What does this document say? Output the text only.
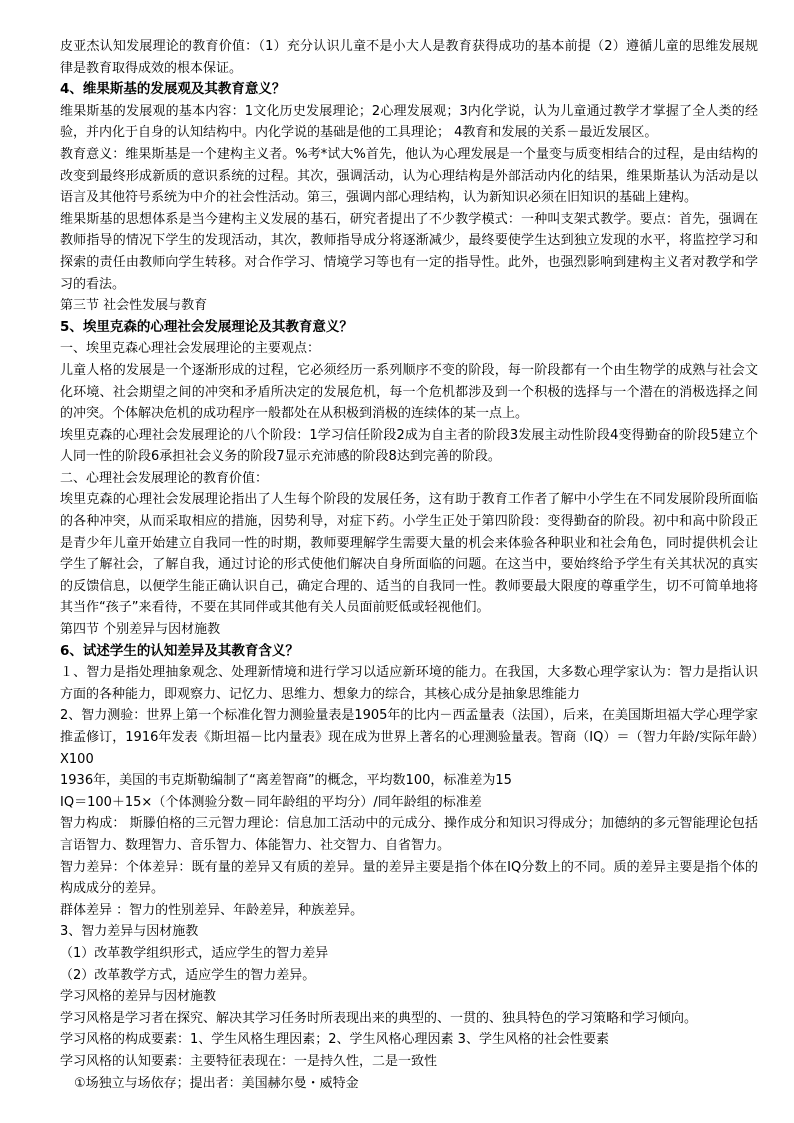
皮亚杰认知发展理论的教育价值：（1）充分认识儿童不是小大人是教育获得成功的基本前提（2）遵循儿童的思维发展规律是教育取得成效的根本保证。

4、维果斯基的发展观及其教育意义？

维果斯基的发展观的基本内容：1文化历史发展理论；2心理发展观；3内化学说，认为儿童通过教学才掌握了全人类的经验，并内化于自身的认知结构中。内化学说的基础是他的工具理论； 4教育和发展的关系－最近发展区。

教育意义：维果斯基是一个建构主义者。%考*试大%首先，他认为心理发展是一个量变与质变相结合的过程，是由结构的改变到最终形成新质的意识系统的过程。其次，强调活动，认为心理结构是外部活动内化的结果，维果斯基认为活动是以语言及其他符号系统为中介的社会性活动。第三，强调内部心理结构，认为新知识必须在旧知识的基础上建构。

维果斯基的思想体系是当今建构主义发展的基石，研究者提出了不少教学模式：一种叫支架式教学。要点：首先，强调在教师指导的情况下学生的发现活动，其次，教师指导成分将逐渐减少，最终要使学生达到独立发现的水平，将监控学习和探索的责任由教师向学生转移。对合作学习、情境学习等也有一定的指导性。此外，也强烈影响到建构主义者对教学和学习的看法。

第三节 社会性发展与教育

5、埃里克森的心理社会发展理论及其教育意义？

一、埃里克森心理社会发展理论的主要观点：

儿童人格的发展是一个逐渐形成的过程，它必须经历一系列顺序不变的阶段，每一阶段都有一个由生物学的成熟与社会文化环境、社会期望之间的冲突和矛盾所决定的发展危机，每一个危机都涉及到一个积极的选择与一个潜在的消极选择之间的冲突。个体解决危机的成功程序一般都处在从积极到消极的连续体的某一点上。

埃里克森的心理社会发展理论的八个阶段：1学习信任阶段2成为自主者的阶段3发展主动性阶段4变得勤奋的阶段5建立个人同一性的阶段6承担社会义务的阶段7显示充沛感的阶段8达到完善的阶段。

二、心理社会发展理论的教育价值：

埃里克森的心理社会发展理论指出了人生每个阶段的发展任务，这有助于教育工作者了解中小学生在不同发展阶段所面临的各种冲突，从而采取相应的措施，因势利导，对症下药。小学生正处于第四阶段：变得勤奋的阶段。初中和高中阶段正是青少年儿童开始建立自我同一性的时期，教师要理解学生需要大量的机会来体验各种职业和社会角色，同时提供机会让学生了解社会，了解自我，通过讨论的形式使他们解决自身所面临的问题。在这当中，要始终给予学生有关其状况的真实的反馈信息，以便学生能正确认识自己，确定合理的、适当的自我同一性。教师要最大限度的尊重学生，切不可简单地将其当作“孩子”来看待，不要在其同伴或其他有关人员面前贬低或轻视他们。

第四节 个别差异与因材施教

6、试述学生的认知差异及其教育含义？

１、智力是指处理抽象观念、处理新情境和进行学习以适应新环境的能力。在我国，大多数心理学家认为：智力是指认识方面的各种能力，即观察力、记忆力、思维力、想象力的综合，其核心成分是抽象思维能力

2、智力测验：世界上第一个标准化智力测验量表是1905年的比内－西孟量表（法国），后来，在美国斯坦福大学心理学家推孟修订，1916年发表《斯坦福－比内量表》现在成为世界上著名的心理测验量表。智商（IQ）＝（智力年龄/实际年龄）X100

1936年，美国的韦克斯勒编制了“离差智商”的概念，平均数100，标准差为15

IQ＝100＋15×（个体测验分数－同年龄组的平均分）/同年龄组的标准差

智力构成： 斯滕伯格的三元智力理论：信息加工活动中的元成分、操作成分和知识习得成分；加德纳的多元智能理论包括言语智力、数理智力、音乐智力、体能智力、社交智力、自省智力。

智力差异：个体差异：既有量的差异又有质的差异。量的差异主要是指个体在IQ分数上的不同。质的差异主要是指个体的构成成分的差异。

群体差异 ：智力的性别差异、年龄差异，种族差异。

3、智力差异与因材施教

（1）改革教学组织形式，适应学生的智力差异

（2）改革教学方式，适应学生的智力差异。

学习风格的差异与因材施教

学习风格是学习者在探究、解决其学习任务时所表现出来的典型的、一贯的、独具特色的学习策略和学习倾向。

学习风格的构成要素：1、学生风格生理因素；2、学生风格心理因素 3、学生风格的社会性要素

学习风格的认知要素：主要特征表现在：一是持久性，二是一致性

①场独立与场依存；提出者：美国赫尔曼・威特金
